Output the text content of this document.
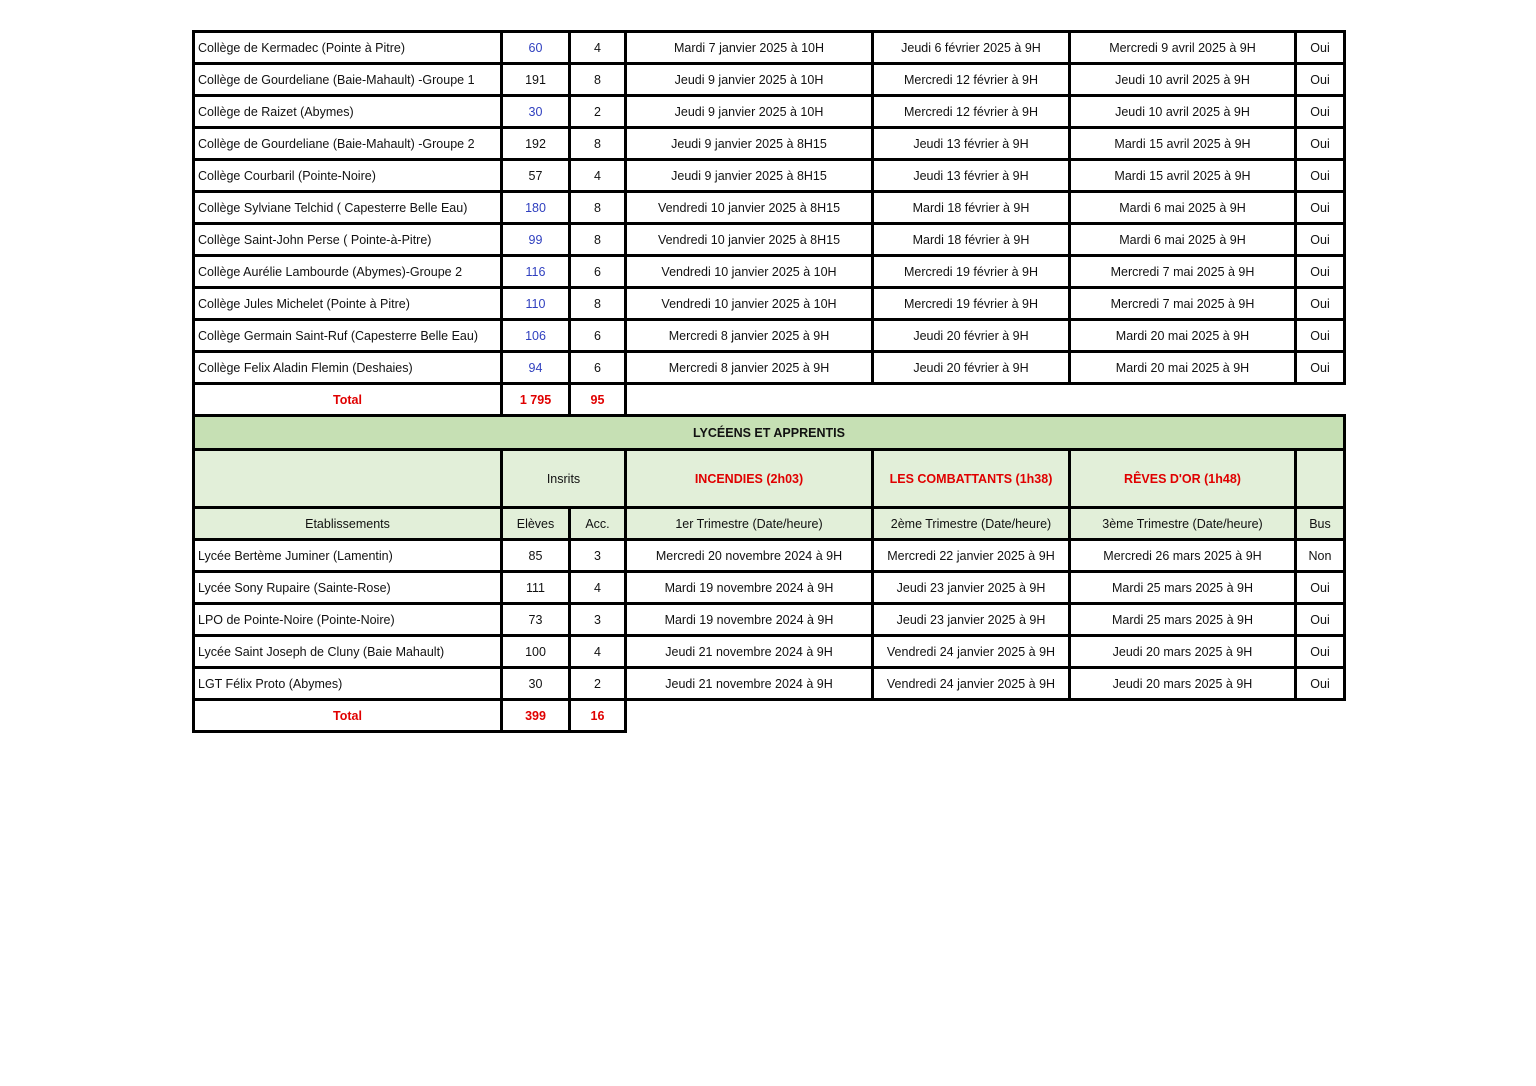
Collège de Kermadec (Pointe à Pitre)	60	4	Mardi 7 janvier 2025 à 10H	Jeudi 6 février 2025 à 9H	Mercredi 9 avril 2025 à 9H	Oui
Collège de Gourdeliane (Baie-Mahault) -Groupe 1	191	8	Jeudi 9 janvier 2025 à 10H	Mercredi 12 février à 9H	Jeudi 10 avril 2025 à 9H	Oui
Collège de Raizet (Abymes)	30	2	Jeudi 9 janvier 2025 à 10H	Mercredi 12 février à 9H	Jeudi 10 avril 2025 à 9H	Oui
Collège de Gourdeliane (Baie-Mahault) -Groupe 2	192	8	Jeudi 9 janvier 2025 à 8H15	Jeudi 13 février à 9H	Mardi 15 avril 2025 à 9H	Oui
Collège Courbaril (Pointe-Noire)	57	4	Jeudi 9 janvier 2025 à 8H15	Jeudi 13 février à 9H	Mardi 15 avril 2025 à 9H	Oui
Collège Sylviane Telchid ( Capesterre Belle Eau)	180	8	Vendredi 10 janvier 2025 à 8H15	Mardi 18 février à 9H	Mardi 6 mai 2025 à 9H	Oui
Collège Saint-John Perse ( Pointe-à-Pitre)	99	8	Vendredi 10 janvier 2025 à 8H15	Mardi 18 février à 9H	Mardi 6 mai 2025 à 9H	Oui
Collège Aurélie Lambourde (Abymes)-Groupe 2	116	6	Vendredi 10 janvier 2025 à 10H	Mercredi 19 février à 9H	Mercredi 7 mai 2025 à 9H	Oui
Collège Jules Michelet (Pointe à Pitre)	110	8	Vendredi 10 janvier 2025 à 10H	Mercredi 19 février à 9H	Mercredi 7 mai 2025 à 9H	Oui
Collège Germain Saint-Ruf (Capesterre Belle Eau)	106	6	Mercredi 8 janvier 2025 à 9H	Jeudi 20 février à 9H	Mardi 20 mai 2025 à 9H	Oui
Collège Felix Aladin Flemin (Deshaies)	94	6	Mercredi 8 janvier 2025 à 9H	Jeudi 20 février à 9H	Mardi 20 mai 2025 à 9H	Oui
Total	1 795	95				
LYCÉENS ET APPRENTIS						
	Insrits		INCENDIES (2h03)	LES COMBATTANTS (1h38)	RÊVES D'OR (1h48)	
Etablissements	Elèves	Acc.	1er Trimestre (Date/heure)	2ème Trimestre (Date/heure)	3ème Trimestre (Date/heure)	Bus
Lycée Bertème Juminer (Lamentin)	85	3	Mercredi 20 novembre 2024 à 9H	Mercredi 22 janvier 2025 à 9H	Mercredi 26 mars 2025 à 9H	Non
Lycée Sony Rupaire (Sainte-Rose)	111	4	Mardi 19 novembre 2024 à 9H	Jeudi 23 janvier 2025 à 9H	Mardi 25 mars 2025 à 9H	Oui
LPO de Pointe-Noire (Pointe-Noire)	73	3	Mardi 19 novembre 2024 à 9H	Jeudi 23 janvier 2025 à 9H	Mardi 25 mars 2025 à 9H	Oui
Lycée Saint Joseph de Cluny (Baie Mahault)	100	4	Jeudi 21 novembre 2024 à 9H	Vendredi 24 janvier 2025 à 9H	Jeudi 20 mars 2025 à 9H	Oui
LGT Félix Proto (Abymes)	30	2	Jeudi 21 novembre 2024 à 9H	Vendredi 24 janvier 2025 à 9H	Jeudi 20 mars 2025 à 9H	Oui
Total	399	16				
